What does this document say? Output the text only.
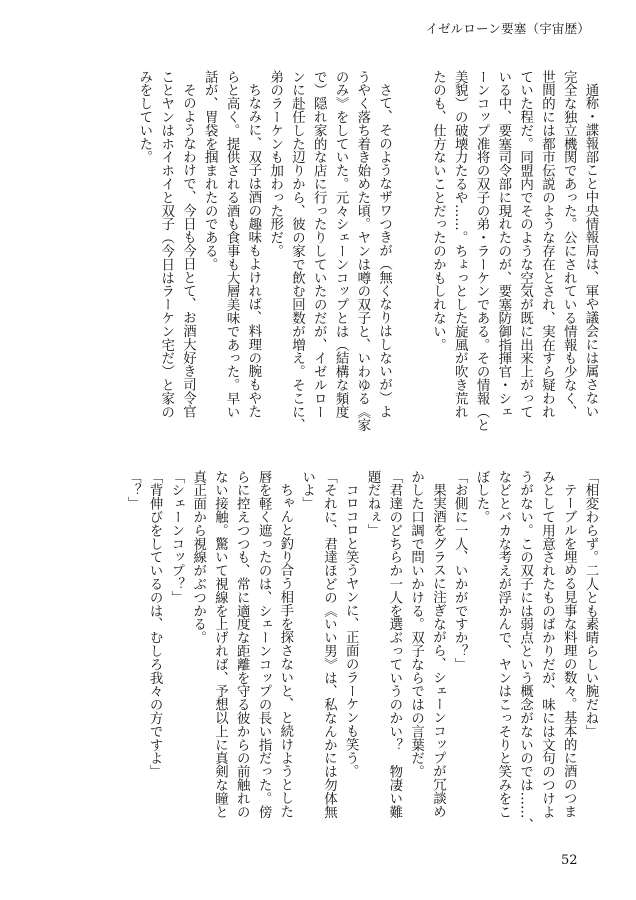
イゼルローン要塞（宇宙歴）
通称・諜報部こと中央情報局は、軍や議会には属さない
完全な独立機関であった。公にされている情報も少なく、
世間的には都市伝説のような存在とされ、実在すら疑われ
ていた程だ。同盟内でそのような空気が既に出来上がって
いる中、要塞司令部に現れたのが、要塞防御指揮官・シェ
ーンコップ准将の双子の弟・ラーケンである。その情報（と
美貌）の破壊力たるや……。ちょっとした旋風が吹き荒れ
たのも、仕方ないことだったのかもしれない。
さて、そのようなザワつきが（無くなりはしないが）よ
うやく落ち着き始めた頃。ヤンは噂の双子と、いわゆる《家
のみ》をしていた。元々シェーンコップとは（結構な頻度
で）隠れ家的な店に行ったりしていたのだが、イゼルロー
ンに赴任した辺りから、彼の家で飲む回数が増え。そこに、
弟のラーケンも加わった形だ。
ちなみに、双子は酒の趣味もよければ、料理の腕もやた
らと高く。提供される酒も食事も大層美味であった。早い
話が、胃袋を掴まれたのである。
そのようなわけで、今日も今日とて、お酒大好き司令官
ことヤンはホイホイと双子（今日はラーケン宅だ）と家の
みをしていた。
「相変わらず。二人とも素晴らしい腕だね」
テーブルを埋める見事な料理の数々。基本的に酒のつま
みとして用意されたものばかりだが、味には文句のつけよ
うがない。この双子には弱点という概念がないのでは……、
などとバカな考えが浮かんで、ヤンはこっそりと笑みをこ
ぼした。
「お側に一人、いかがですか？」
果実酒をグラスに注ぎながら、シェーンコップが冗談め
かした口調で問いかける。双子ならではの言葉だ。
「君達のどちらか一人を選ぶっていうのかい？　物凄い難
題だねぇ」
コロコロと笑うヤンに、正面のラーケンも笑う。
「それに、君達ほどの《いい男》は、私なんかには勿体無
いよ」
ちゃんと釣り合う相手を探さないと、と続けようとした
唇を軽く遮ったのは、シェーンコップの長い指だった。傍
らに控えつつも、常に適度な距離を守る彼からの前触れの
ない接触。驚いて視線を上げれば、予想以上に真剣な瞳と
真正面から視線がぶつかる。
「シェーンコップ？」
「背伸びをしているのは、むしろ我々の方ですよ」
「？」
52
